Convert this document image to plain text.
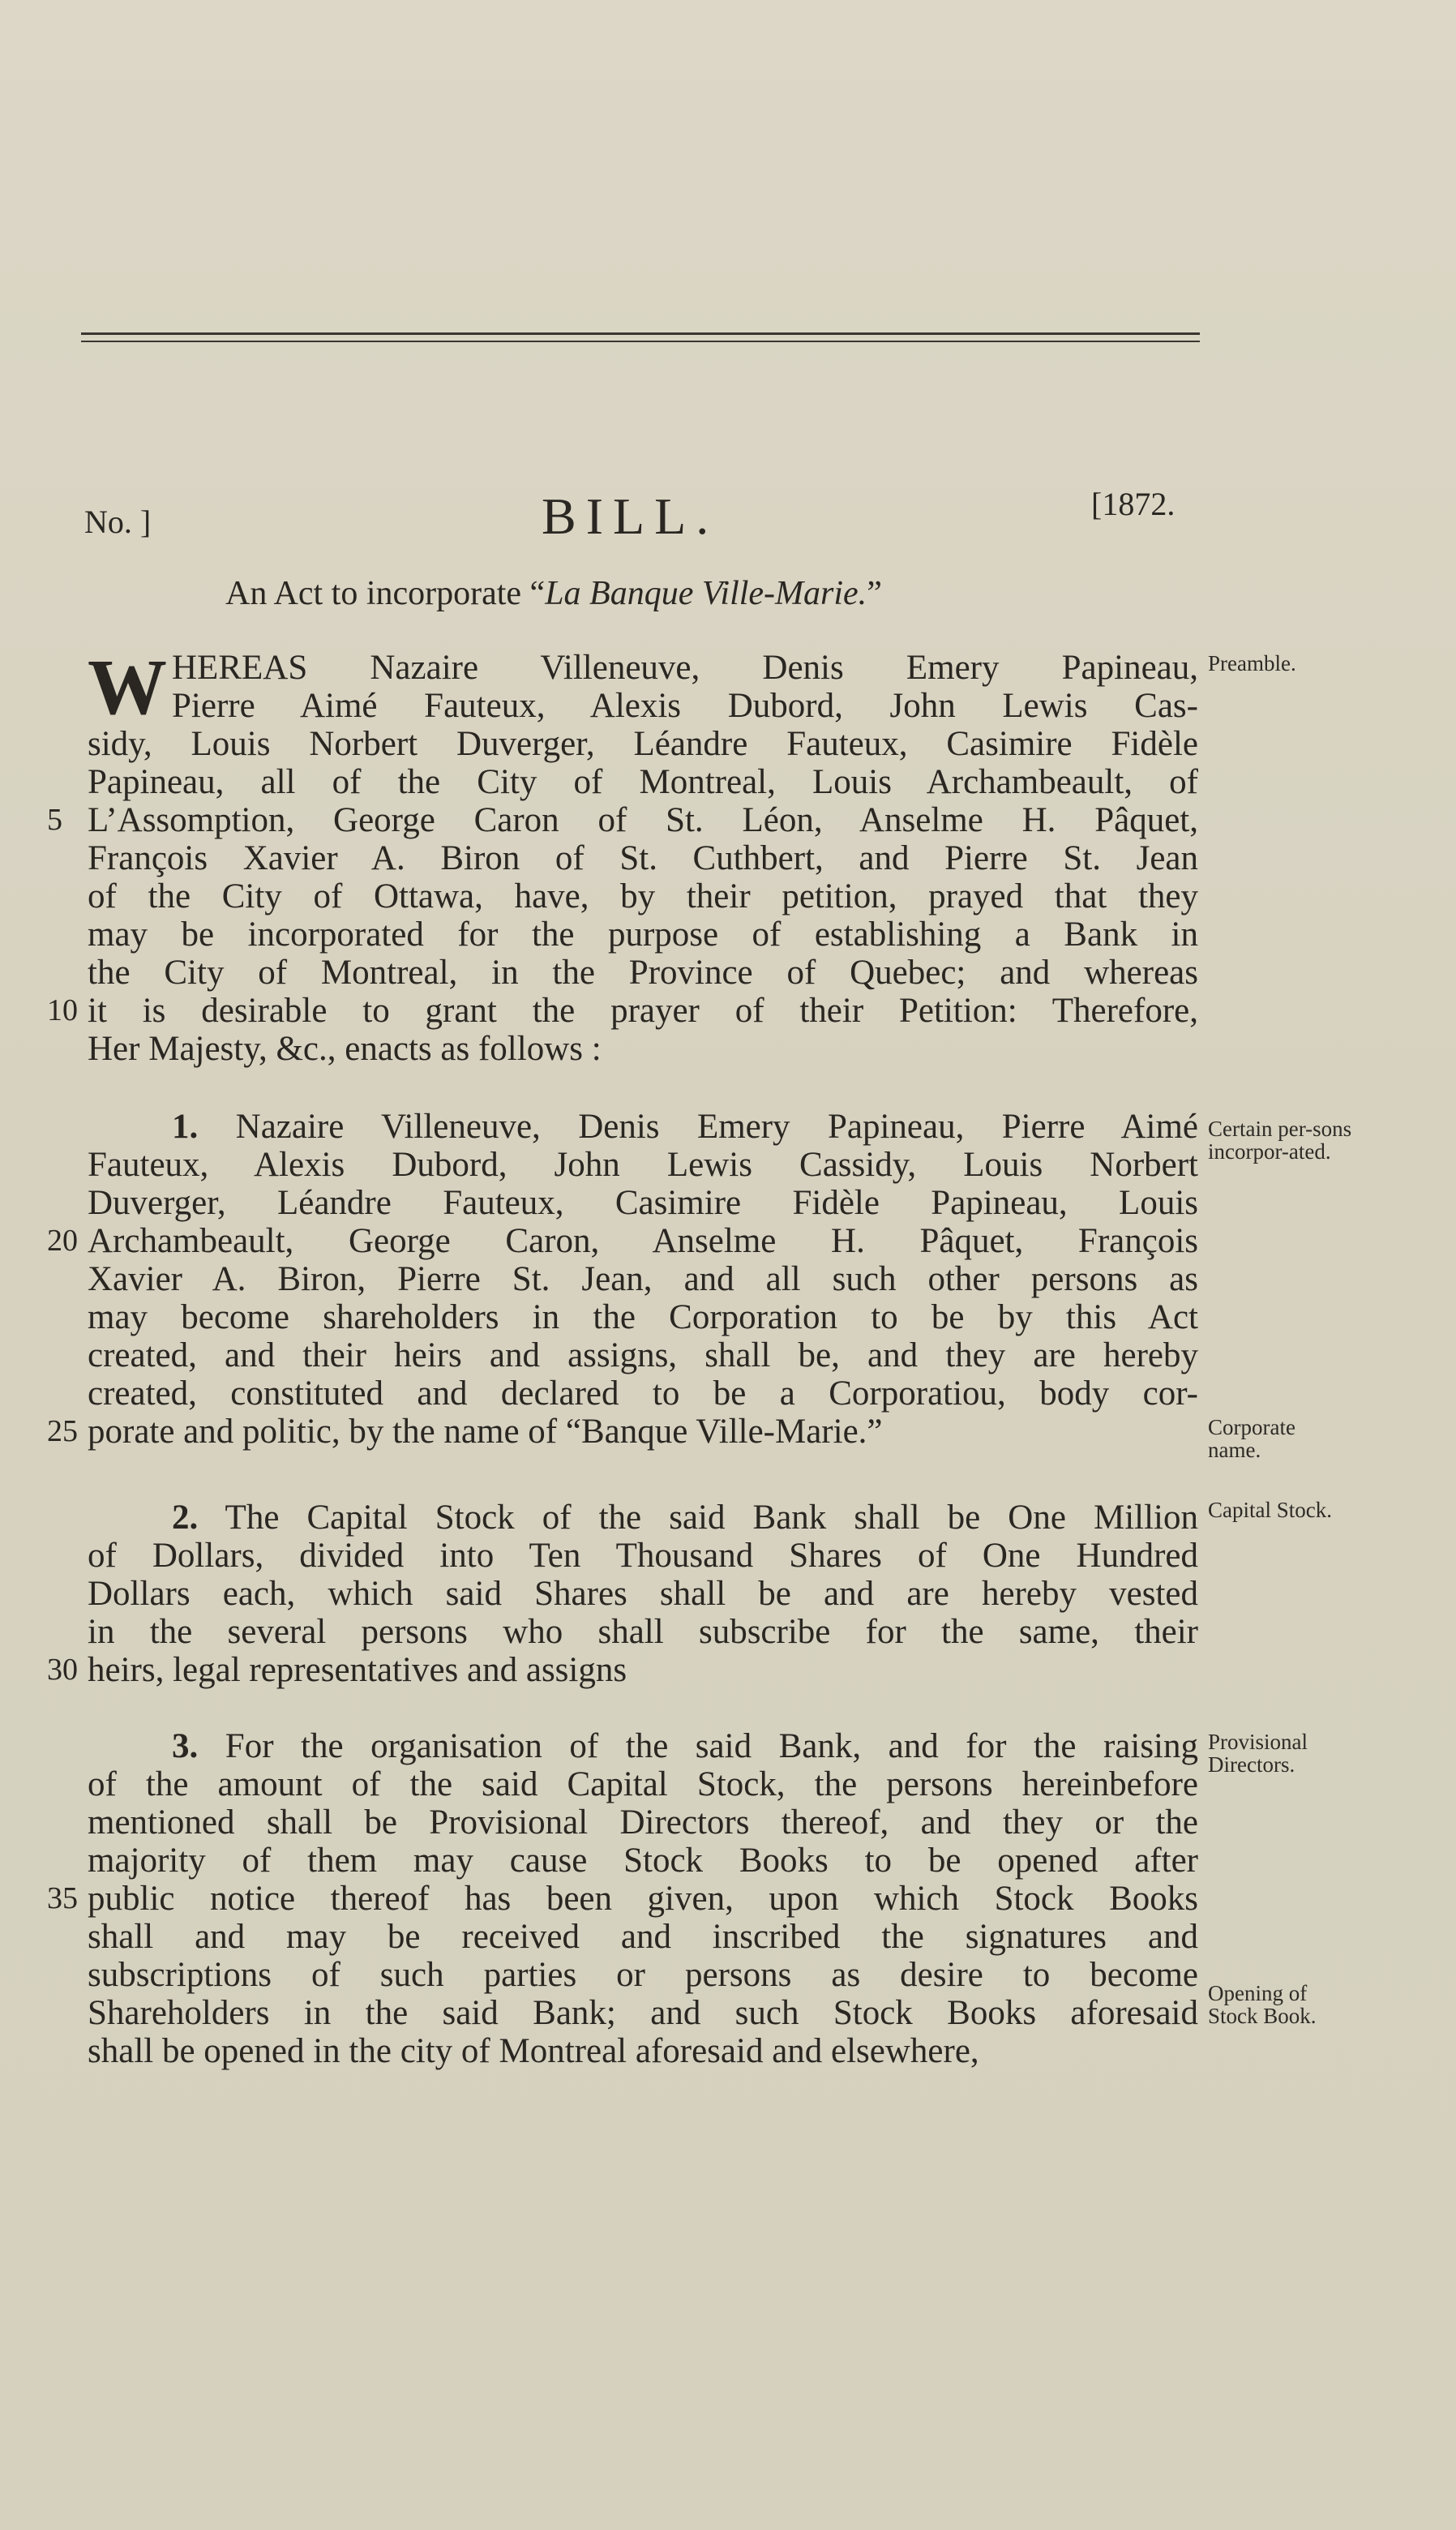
No. ]	BILL.	[1872.
An Act to incorporate “La Banque Ville-Marie.”
W HEREAS Nazaire Villeneuve, Denis Emery Papineau,
Pierre Aimé Fauteux, Alexis Dubord, John Lewis Cas-
sidy, Louis Norbert Duverger, Léandre Fauteux, Casimire Fidèle
Papineau, all of the City of Montreal, Louis Archambeault, of
5 L’Assomption, George Caron of St. Léon, Anselme H. Pâquet,
François Xavier A. Biron of St. Cuthbert, and Pierre St. Jean
of the City of Ottawa, have, by their petition, prayed that they
may be incorporated for the purpose of establishing a Bank in
the City of Montreal, in the Province of Quebec; and whereas
10 it is desirable to grant the prayer of their Petition: Therefore,
Her Majesty, &c., enacts as follows :
1. Nazaire Villeneuve, Denis Emery Papineau, Pierre Aimé
Fauteux, Alexis Dubord, John Lewis Cassidy, Louis Norbert
Duverger, Léandre Fauteux, Casimire Fidèle Papineau, Louis
20 Archambeault, George Caron, Anselme H. Pâquet, François
Xavier A. Biron, Pierre St. Jean, and all such other persons as
may become shareholders in the Corporation to be by this Act
created, and their heirs and assigns, shall be, and they are hereby
created, constituted and declared to be a Corporatiou, body cor-
25 porate and politic, by the name of “Banque Ville-Marie.”
2. The Capital Stock of the said Bank shall be One Million
of Dollars, divided into Ten Thousand Shares of One Hundred
Dollars each, which said Shares shall be and are hereby vested
in the several persons who shall subscribe for the same, their
30 heirs, legal representatives and assigns
3. For the organisation of the said Bank, and for the raising
of the amount of the said Capital Stock, the persons hereinbefore
mentioned shall be Provisional Directors thereof, and they or the
majority of them may cause Stock Books to be opened after
35 public notice thereof has been given, upon which Stock Books
shall and may be received and inscribed the signatures and
subscriptions of such parties or persons as desire to become
Shareholders in the said Bank; and such Stock Books aforesaid
shall be opened in the city of Montreal aforesaid and elsewhere,
Preamble.
Certain per-sons incorpor-ated.
Corporate name.
Capital Stock.
Provisional Directors.
Opening of Stock Book.
